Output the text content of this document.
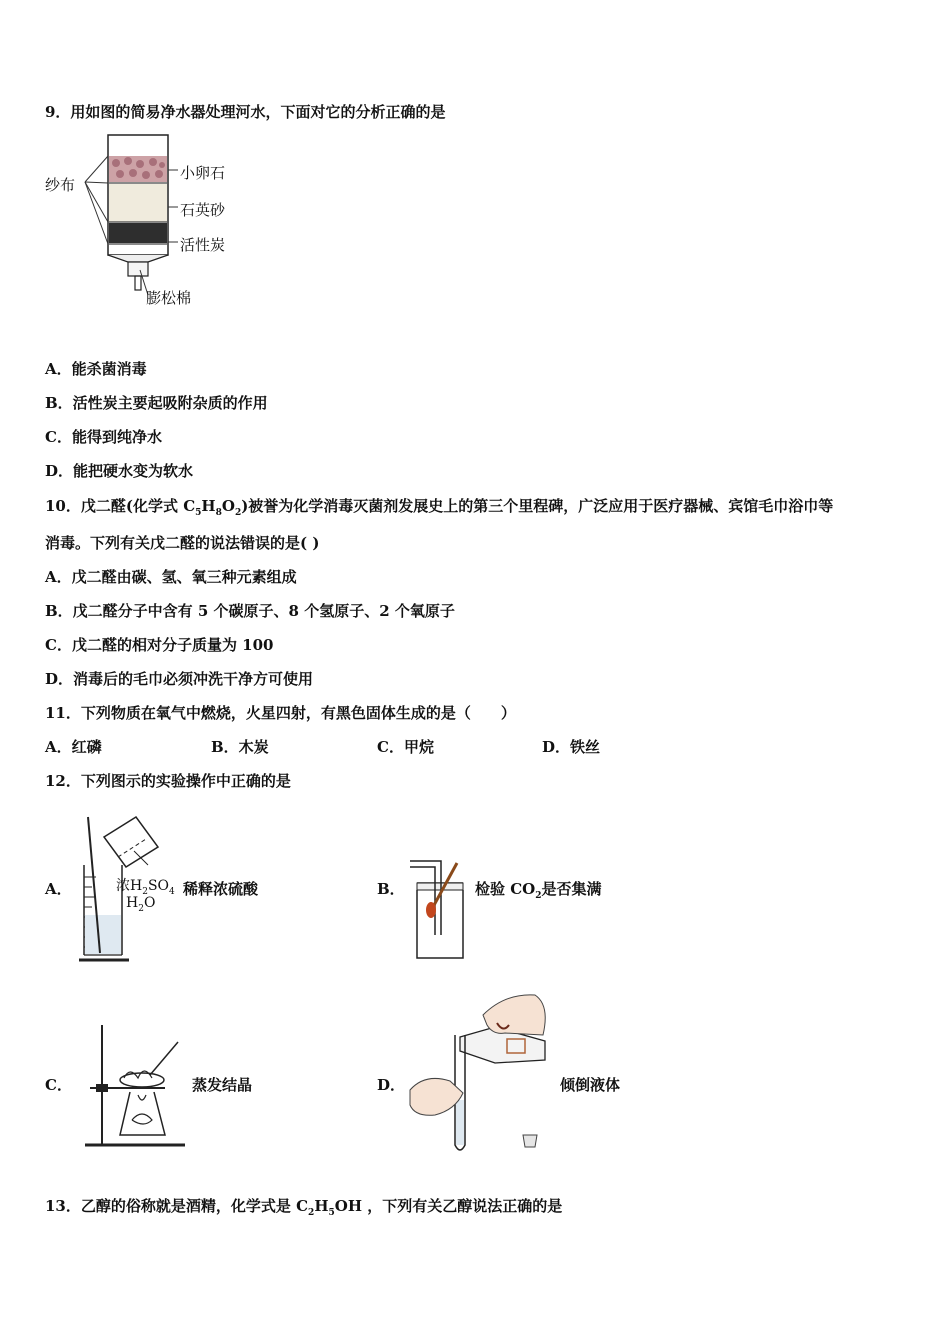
9．用如图的简易净水器处理河水，下面对它的分析正确的是
纱布
小卵石
石英砂
活性炭
膨松棉
A．能杀菌消毒
B．活性炭主要起吸附杂质的作用
C．能得到纯净水
D．能把硬水变为软水
10．戊二醛(化学式 $C_5H_8O_2$)被誉为化学消毒灭菌剂发展史上的第三个里程碑，广泛应用于医疗器械、宾馆毛巾浴巾等
消毒。下列有关戊二醛的说法错误的是( )
A．戊二醛由碳、氢、氧三种元素组成
B．戊二醛分子中含有 5 个碳原子、8 个氢原子、2 个氧原子
C．戊二醛的相对分子质量为 100
D．消毒后的毛巾必须冲洗干净方可使用
11．下列物质在氧气中燃烧，火星四射，有黑色固体生成的是（　　）
A．红磷	B．木炭	C．甲烷	D．铁丝
12．下列图示的实验操作中正确的是
A．	浓$H_2SO_4$
$H_2O$
稀释浓硫酸	B．	检验 $CO_2$是否集满
C．	蒸发结晶	D．	倾倒液体
13．乙醇的俗称就是酒精，化学式是 $C_2H_5OH$ ，下列有关乙醇说法正确的是
